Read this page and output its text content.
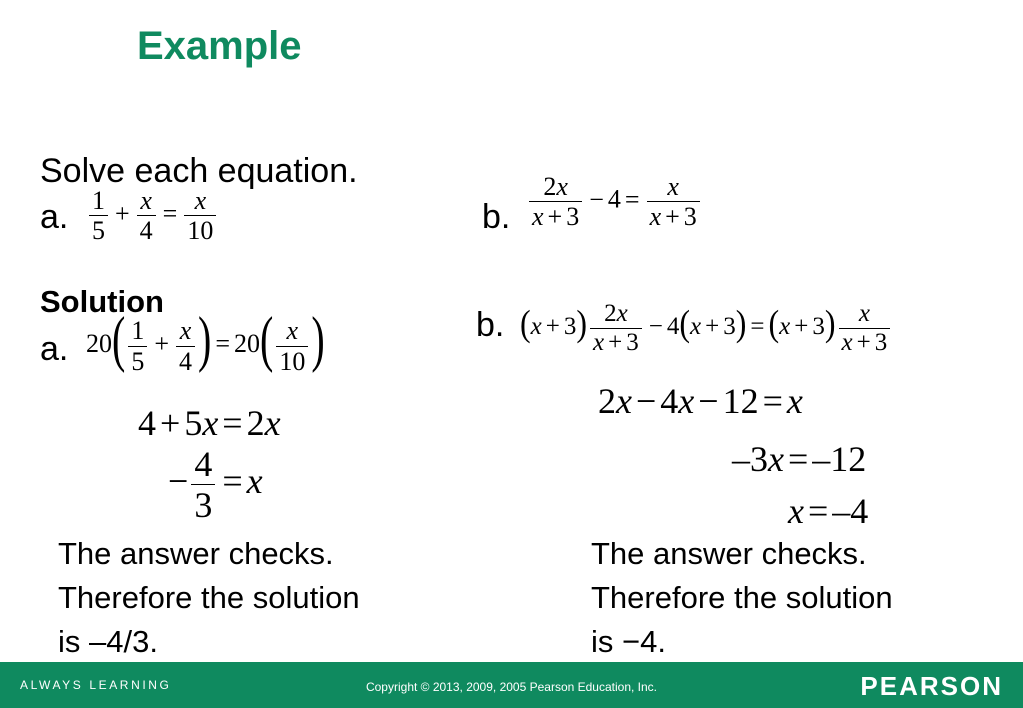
Example
Solve each equation.
a. $\frac{1}{5} + \frac{x}{4} = \frac{x}{10}$	b. $\frac{2x}{x + 3} - 4 = \frac{x}{x + 3}$
Solution
a. $20( \frac{1}{5} + \frac{x}{4}$ ) = $20( \frac{x}{10}$ )
4 + 5x = 2x
− $\frac{4}{3} = x$
b. $(x + 3) \frac{2x}{x + 3} - 4(x + 3) = (x + 3) \frac{x}{x + 3}$
2x − 4x − 12 = x
–3x = –12
x = –4
The answer checks.
Therefore the solution
is –4/3.
The answer checks.
Therefore the solution
is −4.
ALWAYS LEARNING	Copyright © 2013, 2009, 2005 Pearson Education, Inc.	PEARSON
